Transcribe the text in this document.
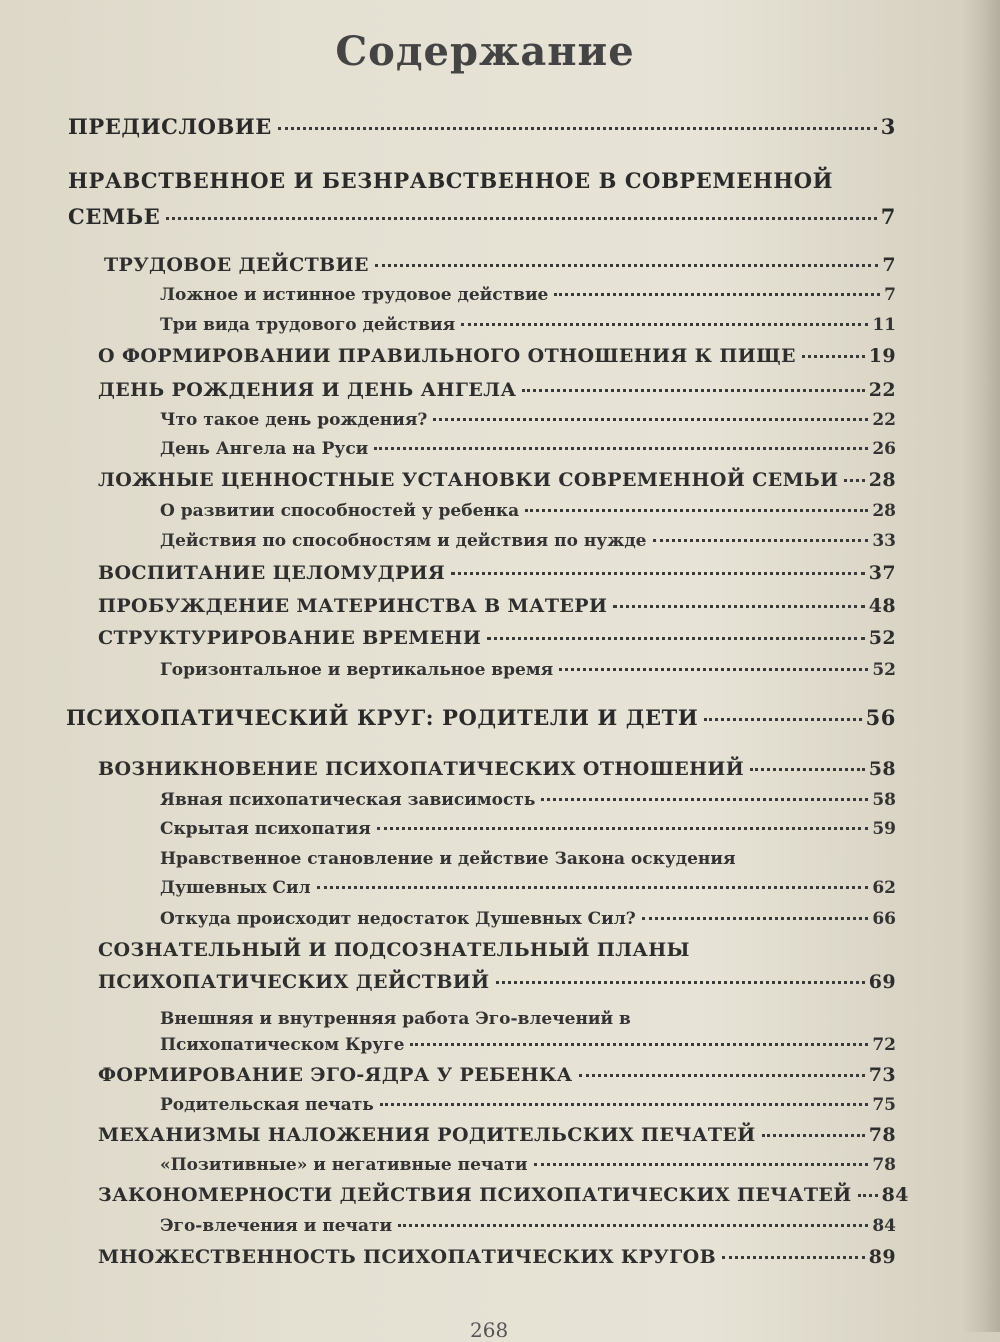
Содержание
ПРЕДИСЛОВИЕ	3
НРАВСТВЕННОЕ И БЕЗНРАВСТВЕННОЕ В СОВРЕМЕННОЙ
СЕМЬЕ	7
ТРУДОВОЕ ДЕЙСТВИЕ	7
Ложное и истинное трудовое действие	7
Три вида трудового действия	11
О ФОРМИРОВАНИИ ПРАВИЛЬНОГО ОТНОШЕНИЯ К ПИЩЕ	19
ДЕНЬ РОЖДЕНИЯ И ДЕНЬ АНГЕЛА	22
Что такое день рождения?	22
День Ангела на Руси	26
ЛОЖНЫЕ ЦЕННОСТНЫЕ УСТАНОВКИ СОВРЕМЕННОЙ СЕМЬИ 28
О развитии способностей у ребенка	28
Действия по способностям и действия по нужде	33
ВОСПИТАНИЕ ЦЕЛОМУДРИЯ	37
ПРОБУЖДЕНИЕ МАТЕРИНСТВА В МАТЕРИ	48
СТРУКТУРИРОВАНИЕ ВРЕМЕНИ	52
Горизонтальное и вертикальное время	52
ПСИХОПАТИЧЕСКИЙ КРУГ: РОДИТЕЛИ И ДЕТИ	56
ВОЗНИКНОВЕНИЕ ПСИХОПАТИЧЕСКИХ ОТНОШЕНИЙ	58
Явная психопатическая зависимость	58
Скрытая психопатия	59
Нравственное становление и действие Закона оскудения
Душевных Сил	62
Откуда происходит недостаток Душевных Сил?	66
СОЗНАТЕЛЬНЫЙ И ПОДСОЗНАТЕЛЬНЫЙ ПЛАНЫ
ПСИХОПАТИЧЕСКИХ ДЕЙСТВИЙ	69
Внешняя и внутренняя работа Эго-влечений в
Психопатическом Круге	72
ФОРМИРОВАНИЕ ЭГО-ЯДРА У РЕБЕНКА	73
Родительская печать	75
МЕХАНИЗМЫ НАЛОЖЕНИЯ РОДИТЕЛЬСКИХ ПЕЧАТЕЙ	78
«Позитивные» и негативные печати	78
ЗАКОНОМЕРНОСТИ ДЕЙСТВИЯ ПСИХОПАТИЧЕСКИХ ПЕЧАТЕЙ 84
Эго-влечения и печати	84
МНОЖЕСТВЕННОСТЬ ПСИХОПАТИЧЕСКИХ КРУГОВ	89
268
